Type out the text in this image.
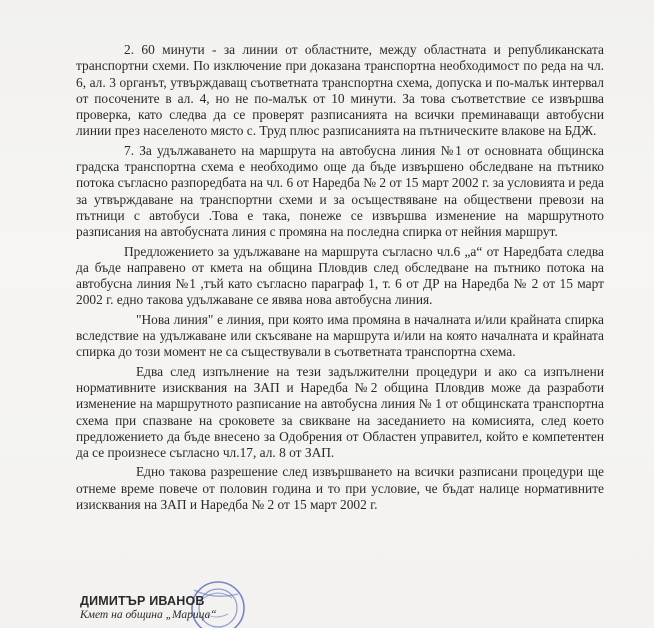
2. 60 минути - за линии от областните, между областната и републиканската транспортни схеми. По изключение при доказана транспортна необходимост по реда на чл. 6, ал. 3 органът, утвърждаващ съответната транспортна схема, допуска и по-малък интервал от посочените в ал. 4, но не по-малък от 10 минути. За това съответствие се извършва проверка, като следва да се проверят разписанията на всички преминаващи автобусни линии през населеното място с. Труд плюс разписанията на пътническите влакове на БДЖ.

7. За удължаването на маршрута на автобусна линия №1 от основната общинска градска транспортна схема е необходимо още да бъде извършено обследване на пътнико потока съгласно разпоредбата на чл. 6 от Наредба № 2 от 15 март 2002 г. за условията и реда за утвърждаване на транспортни схеми и за осъществяване на обществени превози на пътници с автобуси .Това е така, понеже се извършва изменение на маршрутното разписания на автобусната линия с промяна на последна спирка от нейния маршрут.

Предложението за удължаване на маршрута съгласно чл.6 „а“ от Наредбата следва да бъде направено от кмета на община Пловдив след обследване на пътнико потока на автобусна линия №1 ,тъй като съгласно параграф 1, т. 6 от ДР на Наредба № 2 от 15 март 2002 г. едно такова удължаване се явява нова автобусна линия.

"Нова линия" е линия, при която има промяна в началната и/или крайната спирка вследствие на удължаване или скъсяване на маршрута и/или на която началната и крайната спирка до този момент не са съществували в съответната транспортна схема.

Едва след изпълнение на тези задължителни процедури и ако са изпълнени нормативните изисквания на ЗАП и Наредба №2 община Пловдив може да разработи изменение на маршрутното разписание на автобусна линия № 1 от общинската транспортна схема при спазване на сроковете за свикване на заседанието на комисията, след което предложението да бъде внесено за Одобрения от Областен управител, който е компетентен да се произнесе съгласно чл.17, ал. 8 от ЗАП.

Едно такова разрешение след извършването на всички разписани процедури ще отнеме време повече от половин година и то при условие, че бъдат налице нормативните изисквания на ЗАП и Наредба № 2 от 15 март 2002 г.

ДИМИТЪР ИВАНОВ
Кмет на община „Марица“
